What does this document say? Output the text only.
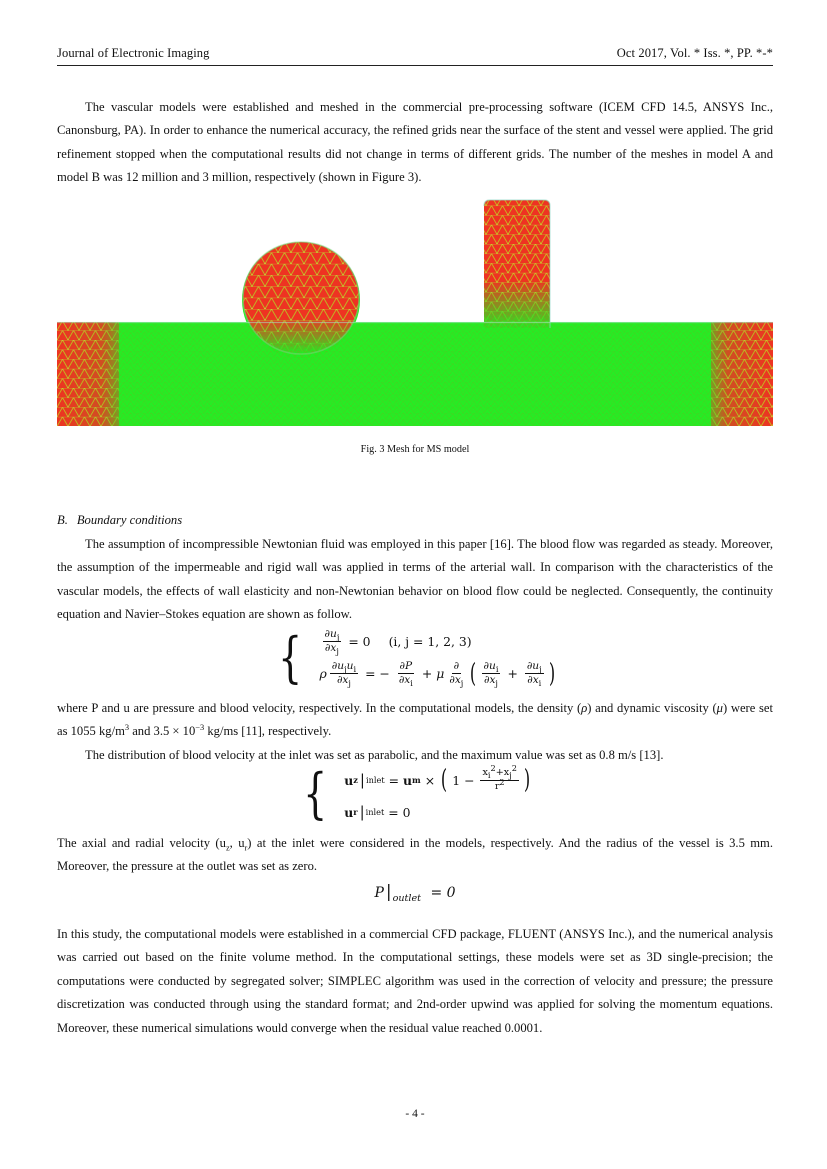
Journal of Electronic Imaging	Oct 2017, Vol. * Iss. *, PP. *-*
The vascular models were established and meshed in the commercial pre-processing software (ICEM CFD 14.5, ANSYS Inc., Canonsburg, PA). In order to enhance the numerical accuracy, the refined grids near the surface of the stent and vessel were applied. The grid refinement stopped when the computational results did not change in terms of different grids. The number of the meshes in model A and model B was 12 million and 3 million, respectively (shown in Figure 3).
Fig. 3 Mesh for MS model
B. Boundary conditions
The assumption of incompressible Newtonian fluid was employed in this paper [16]. The blood flow was regarded as steady. Moreover, the assumption of the impermeable and rigid wall was applied in terms of the arterial wall. In comparison with the characteristics of the vascular models, the effects of wall elasticity and non-Newtonian behavior on blood flow could be neglected. Consequently, the continuity equation and Navier–Stokes equation are shown as follow.
{ $\frac{\partial u_j}{\partial x_j} = 0$ (i, j = 1, 2, 3)
ρ $\frac{\partial u_ju_i}{\partial x_j}$ = − $\frac{\partial P}{\partial x_i} + \mu \frac{\partial}{\partial x_j}$ ( $\frac{\partial u_i}{\partial x_j} + \frac{\partial u_j}{\partial x_i}$ )
where P and u are pressure and blood velocity, respectively. In the computational models, the density (ρ) and dynamic viscosity (μ) were set as 1055 $kg/m^3$ and $3.5 \times 10^{-3}$ kg/ms [11], respectively.
The distribution of blood velocity at the inlet was set as parabolic, and the maximum value was set as 0.8 m/s [13].
{ u z | inlet = u m × ( $1 - \frac{xi2+xj2}{r2}$ )
u r | inlet = 0
The axial and radial velocity ($u_z$, $u_r$) at the inlet were considered in the models, respectively. And the radius of the vessel is 3.5 mm. Moreover, the pressure at the outlet was set as zero.
P $|_{outlet} = 0$
In this study, the computational models were established in a commercial CFD package, FLUENT (ANSYS Inc.), and the numerical analysis was carried out based on the finite volume method. In the computational settings, these models were set as 3D single-precision; the computations were conducted by segregated solver; SIMPLEC algorithm was used in the correction of velocity and pressure; the pressure discretization was conducted through using the standard format; and 2nd-order upwind was applied for solving the momentum equations. Moreover, these numerical simulations would converge when the residual value reached 0.0001.
- 4 -
